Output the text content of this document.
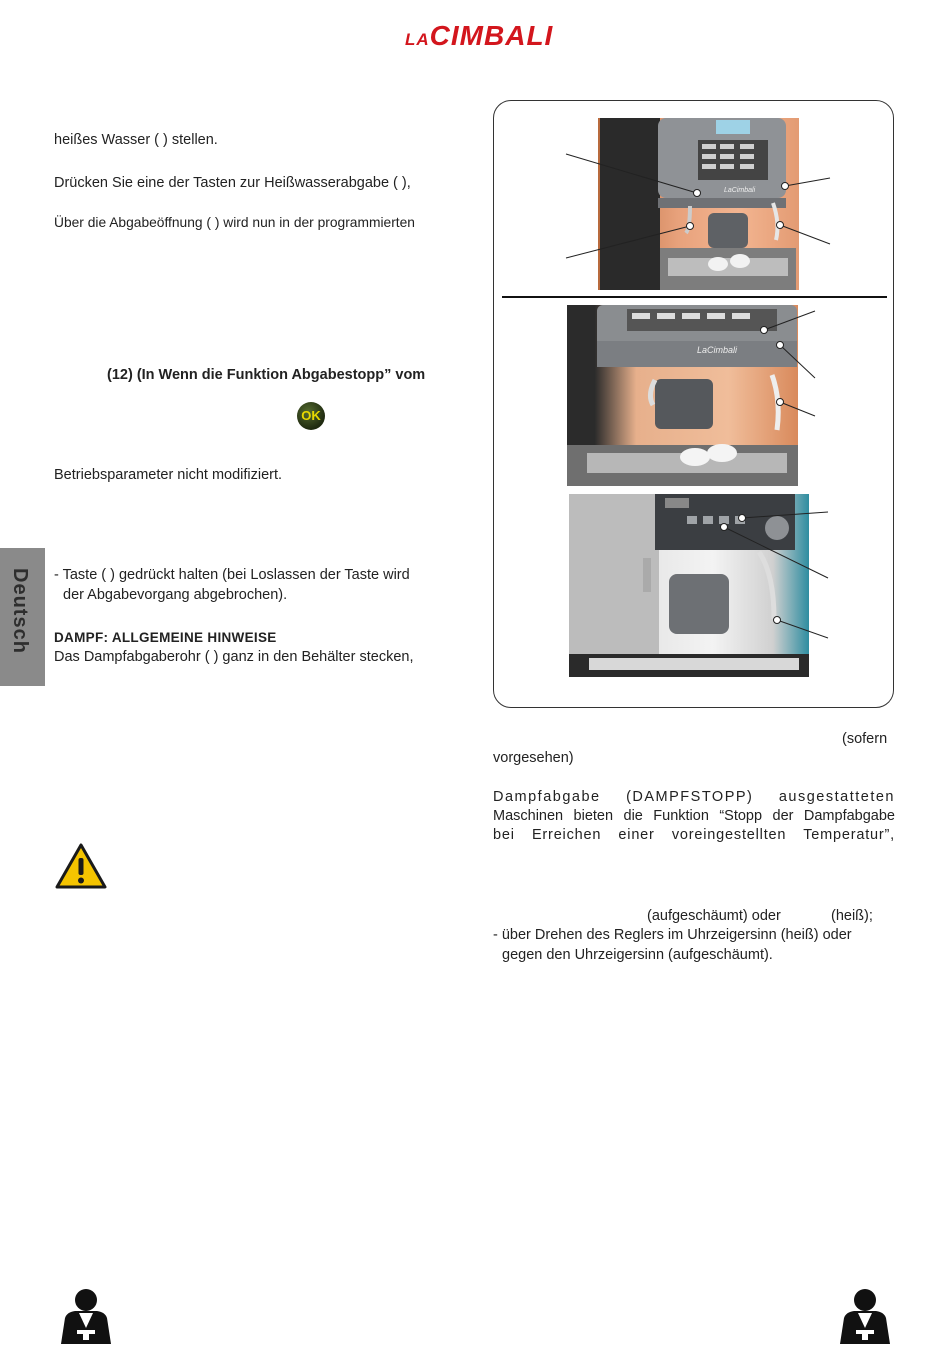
LACIMBALI
Deutsch
heißes Wasser ( ) stellen.
Drücken Sie eine der Tasten zur Heißwasserabgabe ( ),
Über die Abgabeöffnung ( ) wird nun in der programmierten
(12) (In Wenn die Funktion Abgabestopp” vom
OK
Betriebsparameter nicht modifiziert.
- Taste ( ) gedrückt halten (bei Loslassen der Taste wird
der Abgabevorgang abgebrochen).
DAMPF: ALLGEMEINE HINWEISE
Das Dampfabgaberohr ( ) ganz in den Behälter stecken,
LaCimbali
LaCimbali
(sofern
vorgesehen)
Dampfabgabe (DAMPFSTOPP) ausgestatteten
Maschinen bieten die Funktion “Stopp der Dampfabgabe
bei Erreichen einer voreingestellten Temperatur”,
(aufgeschäumt) oder	(heiß);
- über Drehen des Reglers im Uhrzeigersinn (heiß) oder
gegen den Uhrzeigersinn (aufgeschäumt).
